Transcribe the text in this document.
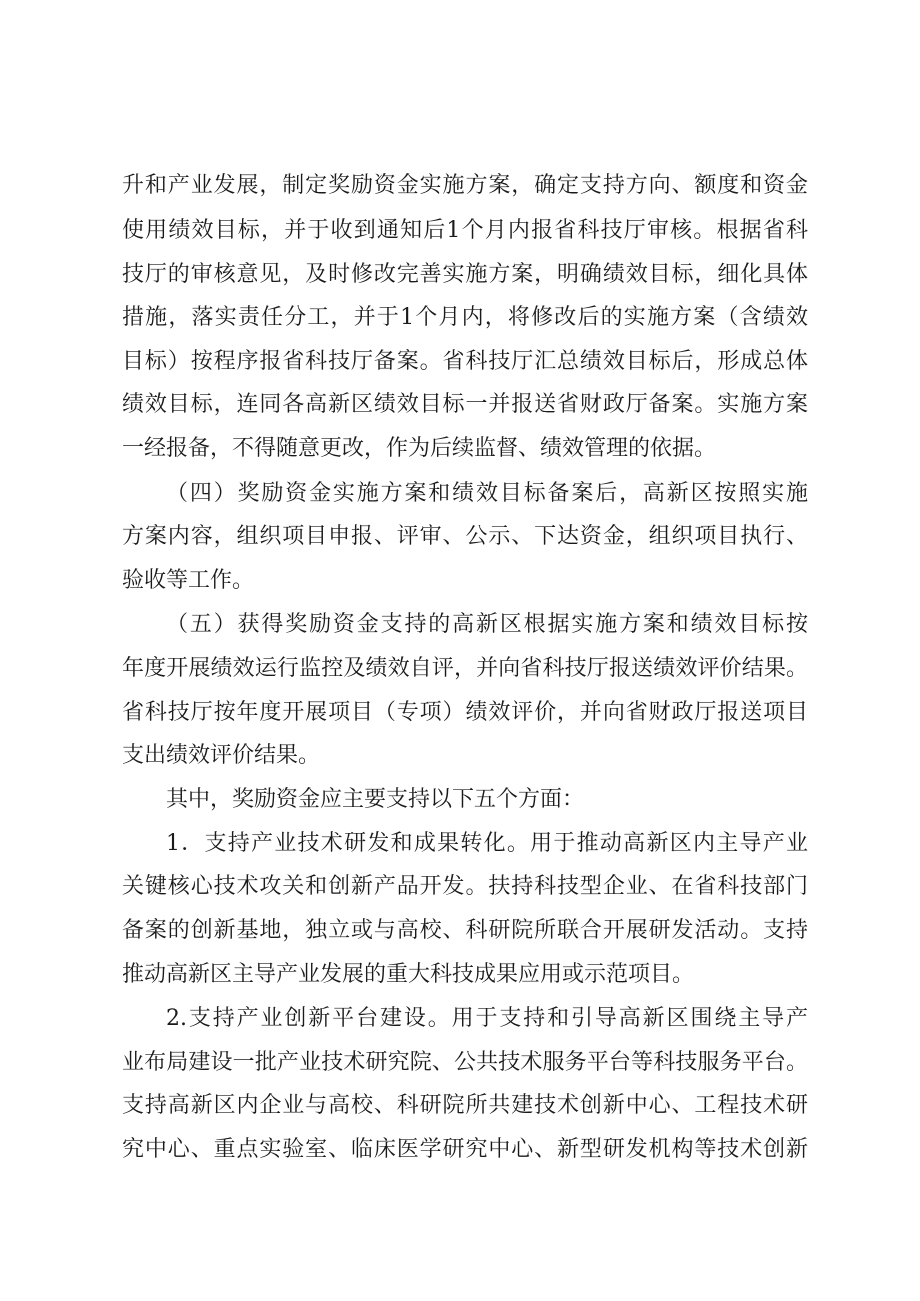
升和产业发展，制定奖励资金实施方案，确定支持方向、额度和资金
使用绩效目标，并于收到通知后1个月内报省科技厅审核。根据省科
技厅的审核意见，及时修改完善实施方案，明确绩效目标，细化具体
措施，落实责任分工，并于1个月内，将修改后的实施方案（含绩效
目标）按程序报省科技厅备案。省科技厅汇总绩效目标后，形成总体
绩效目标，连同各高新区绩效目标一并报送省财政厅备案。实施方案
一经报备，不得随意更改，作为后续监督、绩效管理的依据。
（四）奖励资金实施方案和绩效目标备案后，高新区按照实施
方案内容，组织项目申报、评审、公示、下达资金，组织项目执行、
验收等工作。
（五）获得奖励资金支持的高新区根据实施方案和绩效目标按
年度开展绩效运行监控及绩效自评，并向省科技厅报送绩效评价结果。
省科技厅按年度开展项目（专项）绩效评价，并向省财政厅报送项目
支出绩效评价结果。
其中，奖励资金应主要支持以下五个方面：
1．支持产业技术研发和成果转化。用于推动高新区内主导产业
关键核心技术攻关和创新产品开发。扶持科技型企业、在省科技部门
备案的创新基地，独立或与高校、科研院所联合开展研发活动。支持
推动高新区主导产业发展的重大科技成果应用或示范项目。
2.支持产业创新平台建设。用于支持和引导高新区围绕主导产
业布局建设一批产业技术研究院、公共技术服务平台等科技服务平台。
支持高新区内企业与高校、科研院所共建技术创新中心、工程技术研
究中心、重点实验室、临床医学研究中心、新型研发机构等技术创新
